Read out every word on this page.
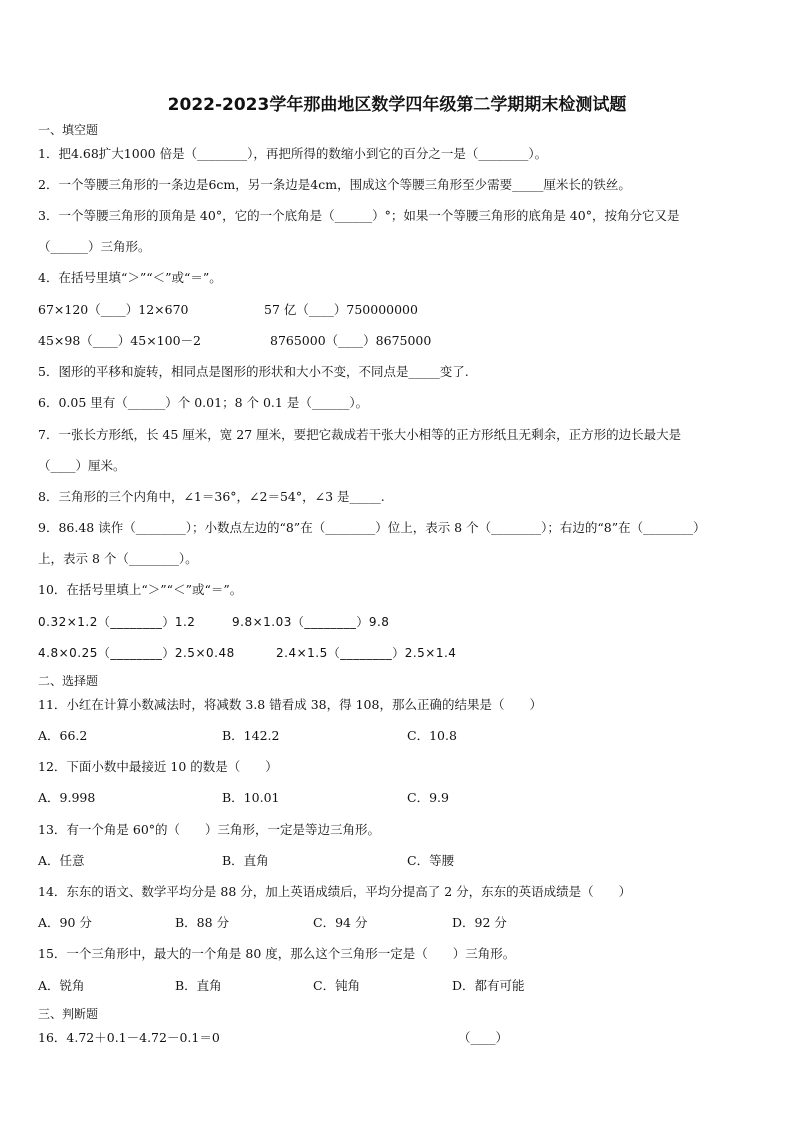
2022-2023学年那曲地区数学四年级第二学期期末检测试题
一、填空题
1．把4.68扩大1000 倍是（________），再把所得的数缩小到它的百分之一是（________）。
2．一个等腰三角形的一条边是6cm，另一条边是4cm，围成这个等腰三角形至少需要_____厘米长的铁丝。
3．一个等腰三角形的顶角是 40°，它的一个底角是（______）°；如果一个等腰三角形的底角是 40°，按角分它又是
（______）三角形。
4．在括号里填“＞”“＜”或“＝”。
67×120（____）12×670	57 亿（____）750000000
45×98（____）45×100－2	8765000（____）8675000
5．图形的平移和旋转，相同点是图形的形状和大小不变，不同点是_____变了.
6．0.05 里有（______）个 0.01；8 个 0.1 是（______）。
7．一张长方形纸，长 45 厘米，宽 27 厘米，要把它裁成若干张大小相等的正方形纸且无剩余，正方形的边长最大是
（____）厘米。
8．三角形的三个内角中，∠1＝36°，∠2＝54°，∠3 是_____.
9．86.48 读作（________）；小数点左边的“8”在（________）位上，表示 8 个（________）；右边的“8”在（________）
上，表示 8 个（________）。
10．在括号里填上“＞”“＜”或“＝”。
0.32×1.2（________）1.2	9.8×1.03（________）9.8
4.8×0.25（________）2.5×0.48	2.4×1.5（________）2.5×1.4
二、选择题
11．小红在计算小数减法时，将减数 3.8 错看成 38，得 108，那么正确的结果是（　　）
A．66.2	B．142.2	C．10.8
12．下面小数中最接近 10 的数是（　　）
A．9.998	B．10.01	C．9.9
13．有一个角是 60°的（　　）三角形，一定是等边三角形。
A．任意	B．直角	C．等腰
14．东东的语文、数学平均分是 88 分，加上英语成绩后，平均分提高了 2 分，东东的英语成绩是（　　）
A．90 分	B．88 分	C．94 分	D．92 分
15．一个三角形中，最大的一个角是 80 度，那么这个三角形一定是（　　）三角形。
A．锐角	B．直角	C．钝角	D．都有可能
三、判断题
16．4.72＋0.1－4.72－0.1＝0	（____）
